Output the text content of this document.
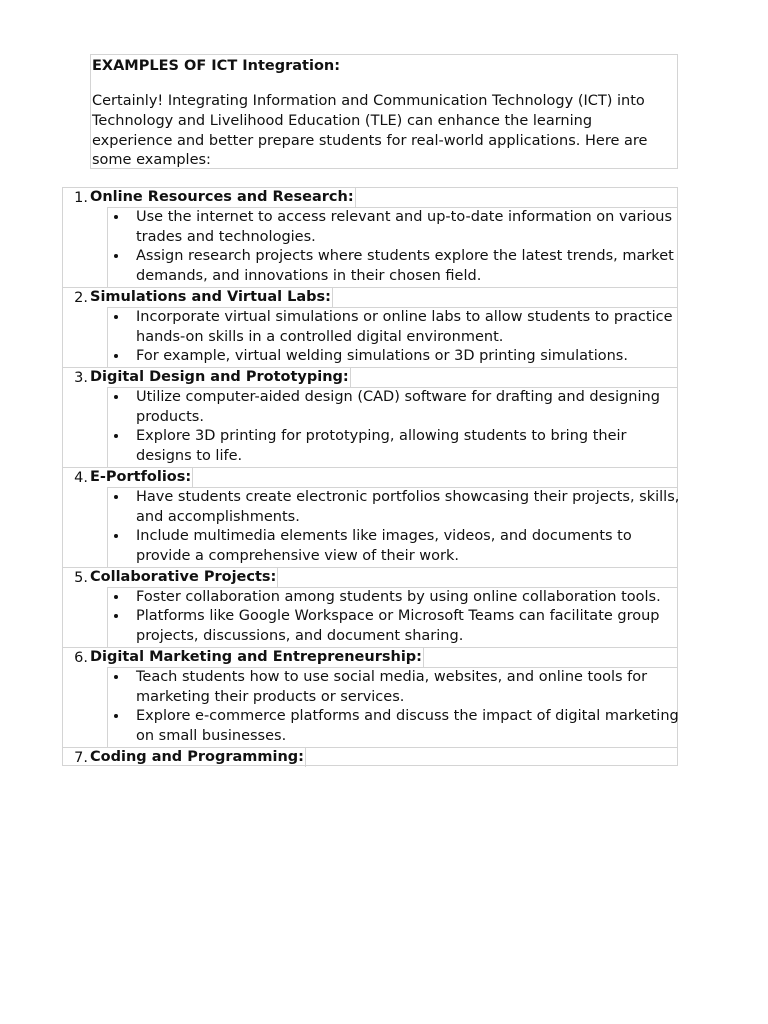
EXAMPLES OF ICT Integration:

Certainly! Integrating Information and Communication Technology (ICT) into Technology and Livelihood Education (TLE) can enhance the learning experience and better prepare students for real-world applications. Here are some examples:

1. Online Resources and Research:

Use the internet to access relevant and up-to-date information on various trades and technologies.

Assign research projects where students explore the latest trends, market demands, and innovations in their chosen field.

2. Simulations and Virtual Labs:

Incorporate virtual simulations or online labs to allow students to practice hands-on skills in a controlled digital environment.

For example, virtual welding simulations or 3D printing simulations.

3. Digital Design and Prototyping:

Utilize computer-aided design (CAD) software for drafting and designing products.

Explore 3D printing for prototyping, allowing students to bring their designs to life.

4. E-Portfolios:

Have students create electronic portfolios showcasing their projects, skills, and accomplishments.

Include multimedia elements like images, videos, and documents to provide a comprehensive view of their work.

5. Collaborative Projects:

Foster collaboration among students by using online collaboration tools.

Platforms like Google Workspace or Microsoft Teams can facilitate group projects, discussions, and document sharing.

6. Digital Marketing and Entrepreneurship:

Teach students how to use social media, websites, and online tools for marketing their products or services.

Explore e-commerce platforms and discuss the impact of digital marketing on small businesses.

7. Coding and Programming:
